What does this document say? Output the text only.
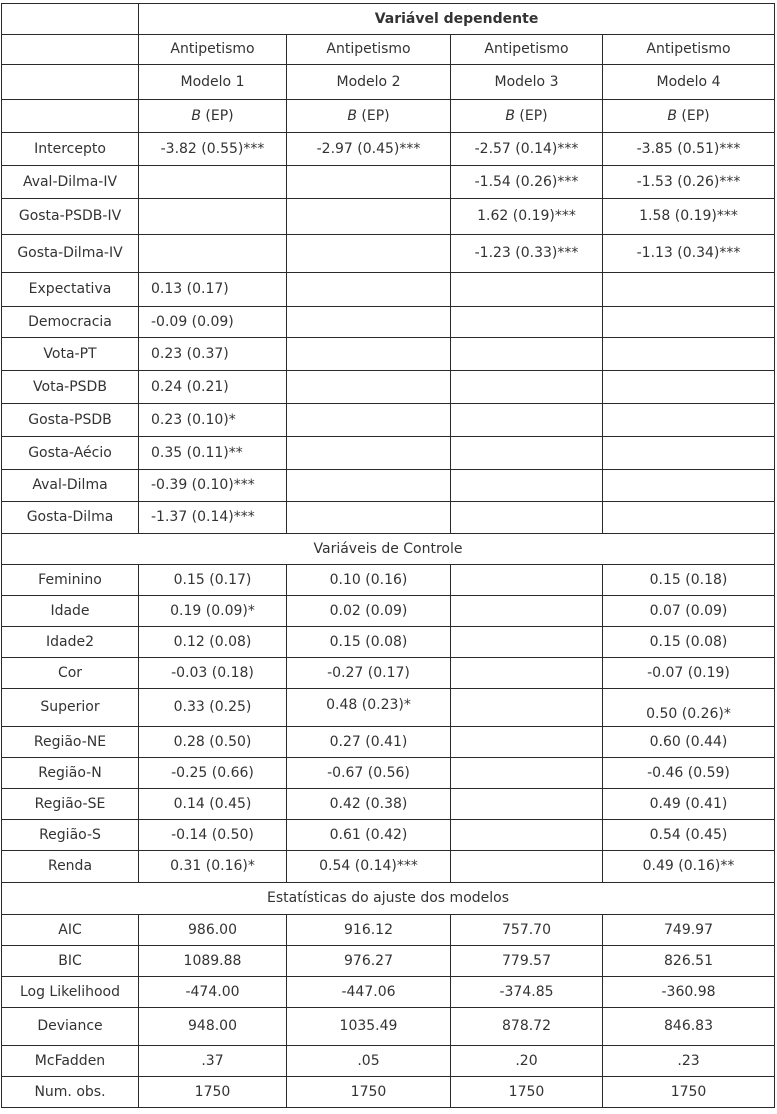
	Variável dependente			
	Antipetismo	Antipetismo	Antipetismo	Antipetismo
	Modelo 1	Modelo 2	Modelo 3	Modelo 4
	B (EP)	B (EP)	B (EP)	B (EP)
Intercepto	-3.82 (0.55)***	-2.97 (0.45)***	-2.57 (0.14)***	-3.85 (0.51)***
Aval-Dilma-IV			-1.54 (0.26)***	-1.53 (0.26)***
Gosta-PSDB-IV			1.62 (0.19)***	1.58 (0.19)***
Gosta-Dilma-IV			-1.23 (0.33)***	-1.13 (0.34)***
Expectativa	0.13 (0.17)			
Democracia	-0.09 (0.09)			
Vota-PT	0.23 (0.37)			
Vota-PSDB	0.24 (0.21)			
Gosta-PSDB	0.23 (0.10)*			
Gosta-Aécio	0.35 (0.11)**			
Aval-Dilma	-0.39 (0.10)***			
Gosta-Dilma	-1.37 (0.14)***			
Variáveis de Controle				
Feminino	0.15 (0.17)	0.10 (0.16)		0.15 (0.18)
Idade	0.19 (0.09)*	0.02 (0.09)		0.07 (0.09)
Idade2	0.12 (0.08)	0.15 (0.08)		0.15 (0.08)
Cor	-0.03 (0.18)	-0.27 (0.17)		-0.07 (0.19)
Superior	0.33 (0.25)	0.48 (0.23)*		0.50 (0.26)*
Região-NE	0.28 (0.50)	0.27 (0.41)		0.60 (0.44)
Região-N	-0.25 (0.66)	-0.67 (0.56)		-0.46 (0.59)
Região-SE	0.14 (0.45)	0.42 (0.38)		0.49 (0.41)
Região-S	-0.14 (0.50)	0.61 (0.42)		0.54 (0.45)
Renda	0.31 (0.16)*	0.54 (0.14)***		0.49 (0.16)**
Estatísticas do ajuste dos modelos				
AIC	986.00	916.12	757.70	749.97
BIC	1089.88	976.27	779.57	826.51
Log Likelihood	-474.00	-447.06	-374.85	-360.98
Deviance	948.00	1035.49	878.72	846.83
McFadden	.37	.05	.20	.23
Num. obs.	1750	1750	1750	1750
